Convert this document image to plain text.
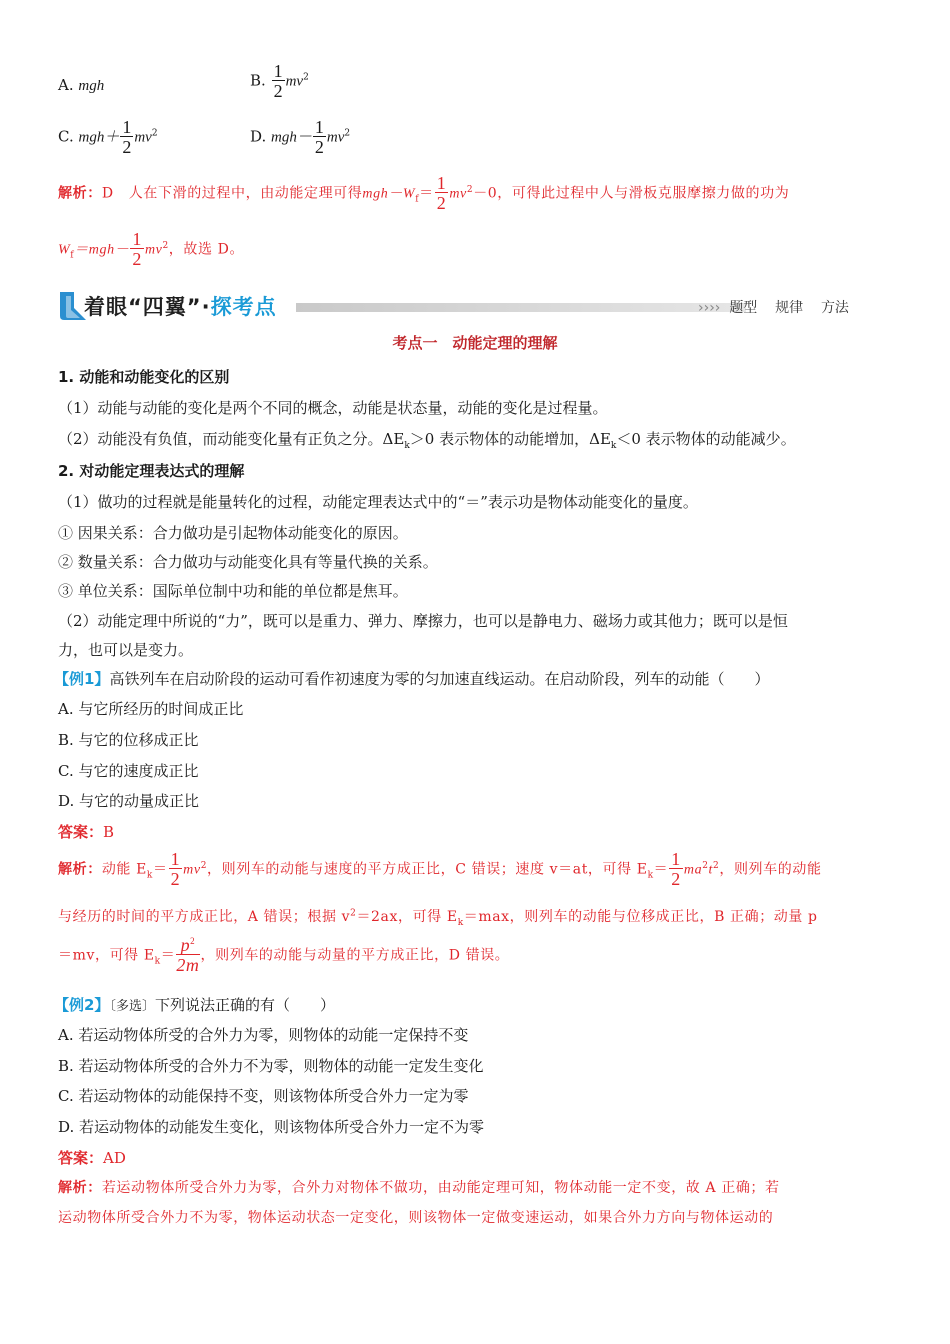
A. mgh	B. $\frac{1}{2} mv^2$
C. $mgh+ \frac{1}{2} mv^2$	D. $mgh- \frac{1}{2} mv^2$
解析：D 人在下滑的过程中，由动能定理可得$mgh-W_f= \frac{1}{2} mv^2-0$，可得此过程中人与滑板克服摩擦力做的功为
$W_f=mgh- \frac{1}{2} mv^2$，故选 D。
着眼“四翼”·探考点	›››› 题型 规律 方法
考点一　动能定理的理解
1. 动能和动能变化的区别
（1）动能与动能的变化是两个不同的概念，动能是状态量，动能的变化是过程量。
（2）动能没有负值，而动能变化量有正负之分。$\Delta E_k>0$ 表示物体的动能增加，$\Delta E_k<0$ 表示物体的动能减少。
2. 对动能定理表达式的理解
（1）做功的过程就是能量转化的过程，动能定理表达式中的“＝”表示功是物体动能变化的量度。
① 因果关系：合力做功是引起物体动能变化的原因。
② 数量关系：合力做功与动能变化具有等量代换的关系。
③ 单位关系：国际单位制中功和能的单位都是焦耳。
（2）动能定理中所说的“力”，既可以是重力、弹力、摩擦力，也可以是静电力、磁场力或其他力；既可以是恒
力，也可以是变力。
【例1】高铁列车在启动阶段的运动可看作初速度为零的匀加速直线运动。在启动阶段，列车的动能（　　）
A. 与它所经历的时间成正比
B. 与它的位移成正比
C. 与它的速度成正比
D. 与它的动量成正比
答案：B
解析：动能 $E_k= \frac{1}{2} mv^2$，则列车的动能与速度的平方成正比，C 错误；速度 v＝at，可得 $E_k= \frac{1}{2} ma^2t^2$，则列车的动能
与经历的时间的平方成正比，A 错误；根据 $v^2=2ax$，可得 $E_k=\max$，则列车的动能与位移成正比，B 正确；动量 p
＝mv，可得 $E_k= \frac{p^2}{2m}$ ，则列车的动能与动量的平方成正比，D 错误。
【例2】〔多选〕下列说法正确的有（　　）
A. 若运动物体所受的合外力为零，则物体的动能一定保持不变
B. 若运动物体所受的合外力不为零，则物体的动能一定发生变化
C. 若运动物体的动能保持不变，则该物体所受合外力一定为零
D. 若运动物体的动能发生变化，则该物体所受合外力一定不为零
答案：AD
解析：若运动物体所受合外力为零，合外力对物体不做功，由动能定理可知，物体动能一定不变，故 A 正确；若
运动物体所受合外力不为零，物体运动状态一定变化，则该物体一定做变速运动，如果合外力方向与物体运动的
